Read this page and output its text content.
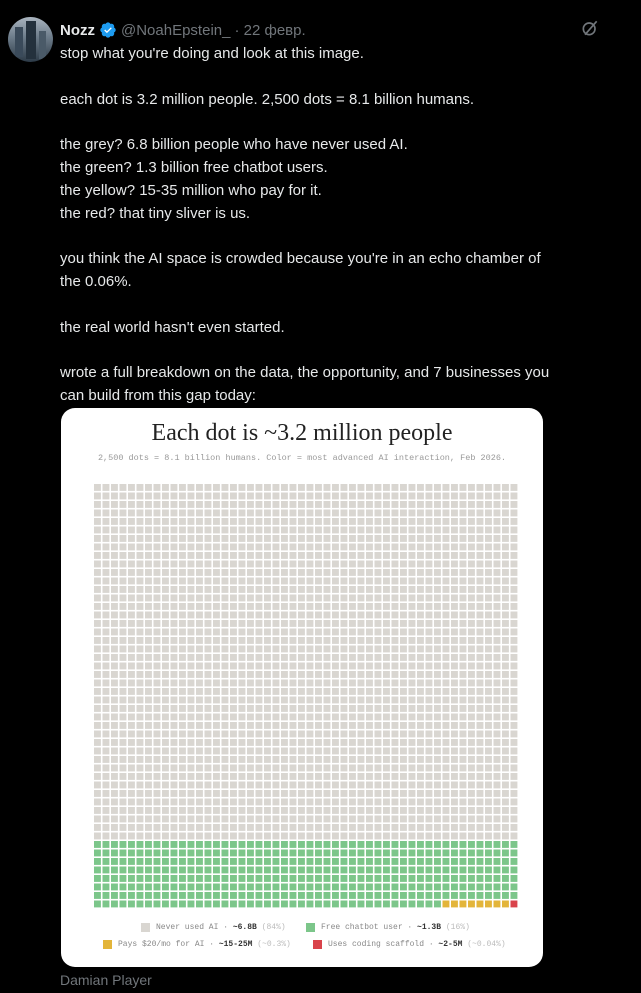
Nozz @NoahEpstein_ · 22 февр.

stop what you're doing and look at this image.

each dot is 3.2 million people. 2,500 dots = 8.1 billion humans.

the grey? 6.8 billion people who have never used AI.

the green? 1.3 billion free chatbot users.

the yellow? 15-35 million who pay for it.

the red? that tiny sliver is us.

you think the AI space is crowded because you're in an echo chamber of

the 0.06%.

the real world hasn't even started.

wrote a full breakdown on the data, the opportunity, and 7 businesses you

can build from this gap today:

Each dot is ~3.2 million people
2,500 dots = 8.1 billion humans. Color = most advanced AI interaction, Feb 2026.
Never used AI · ~6.8B
(84%)	Free chatbot user · ~1.3B
(16%)
Pays $20/mo for AI · ~15-25M
(~0.3%)	Uses coding scaffold · ~2-5M
(~0.04%)
Damian Player
